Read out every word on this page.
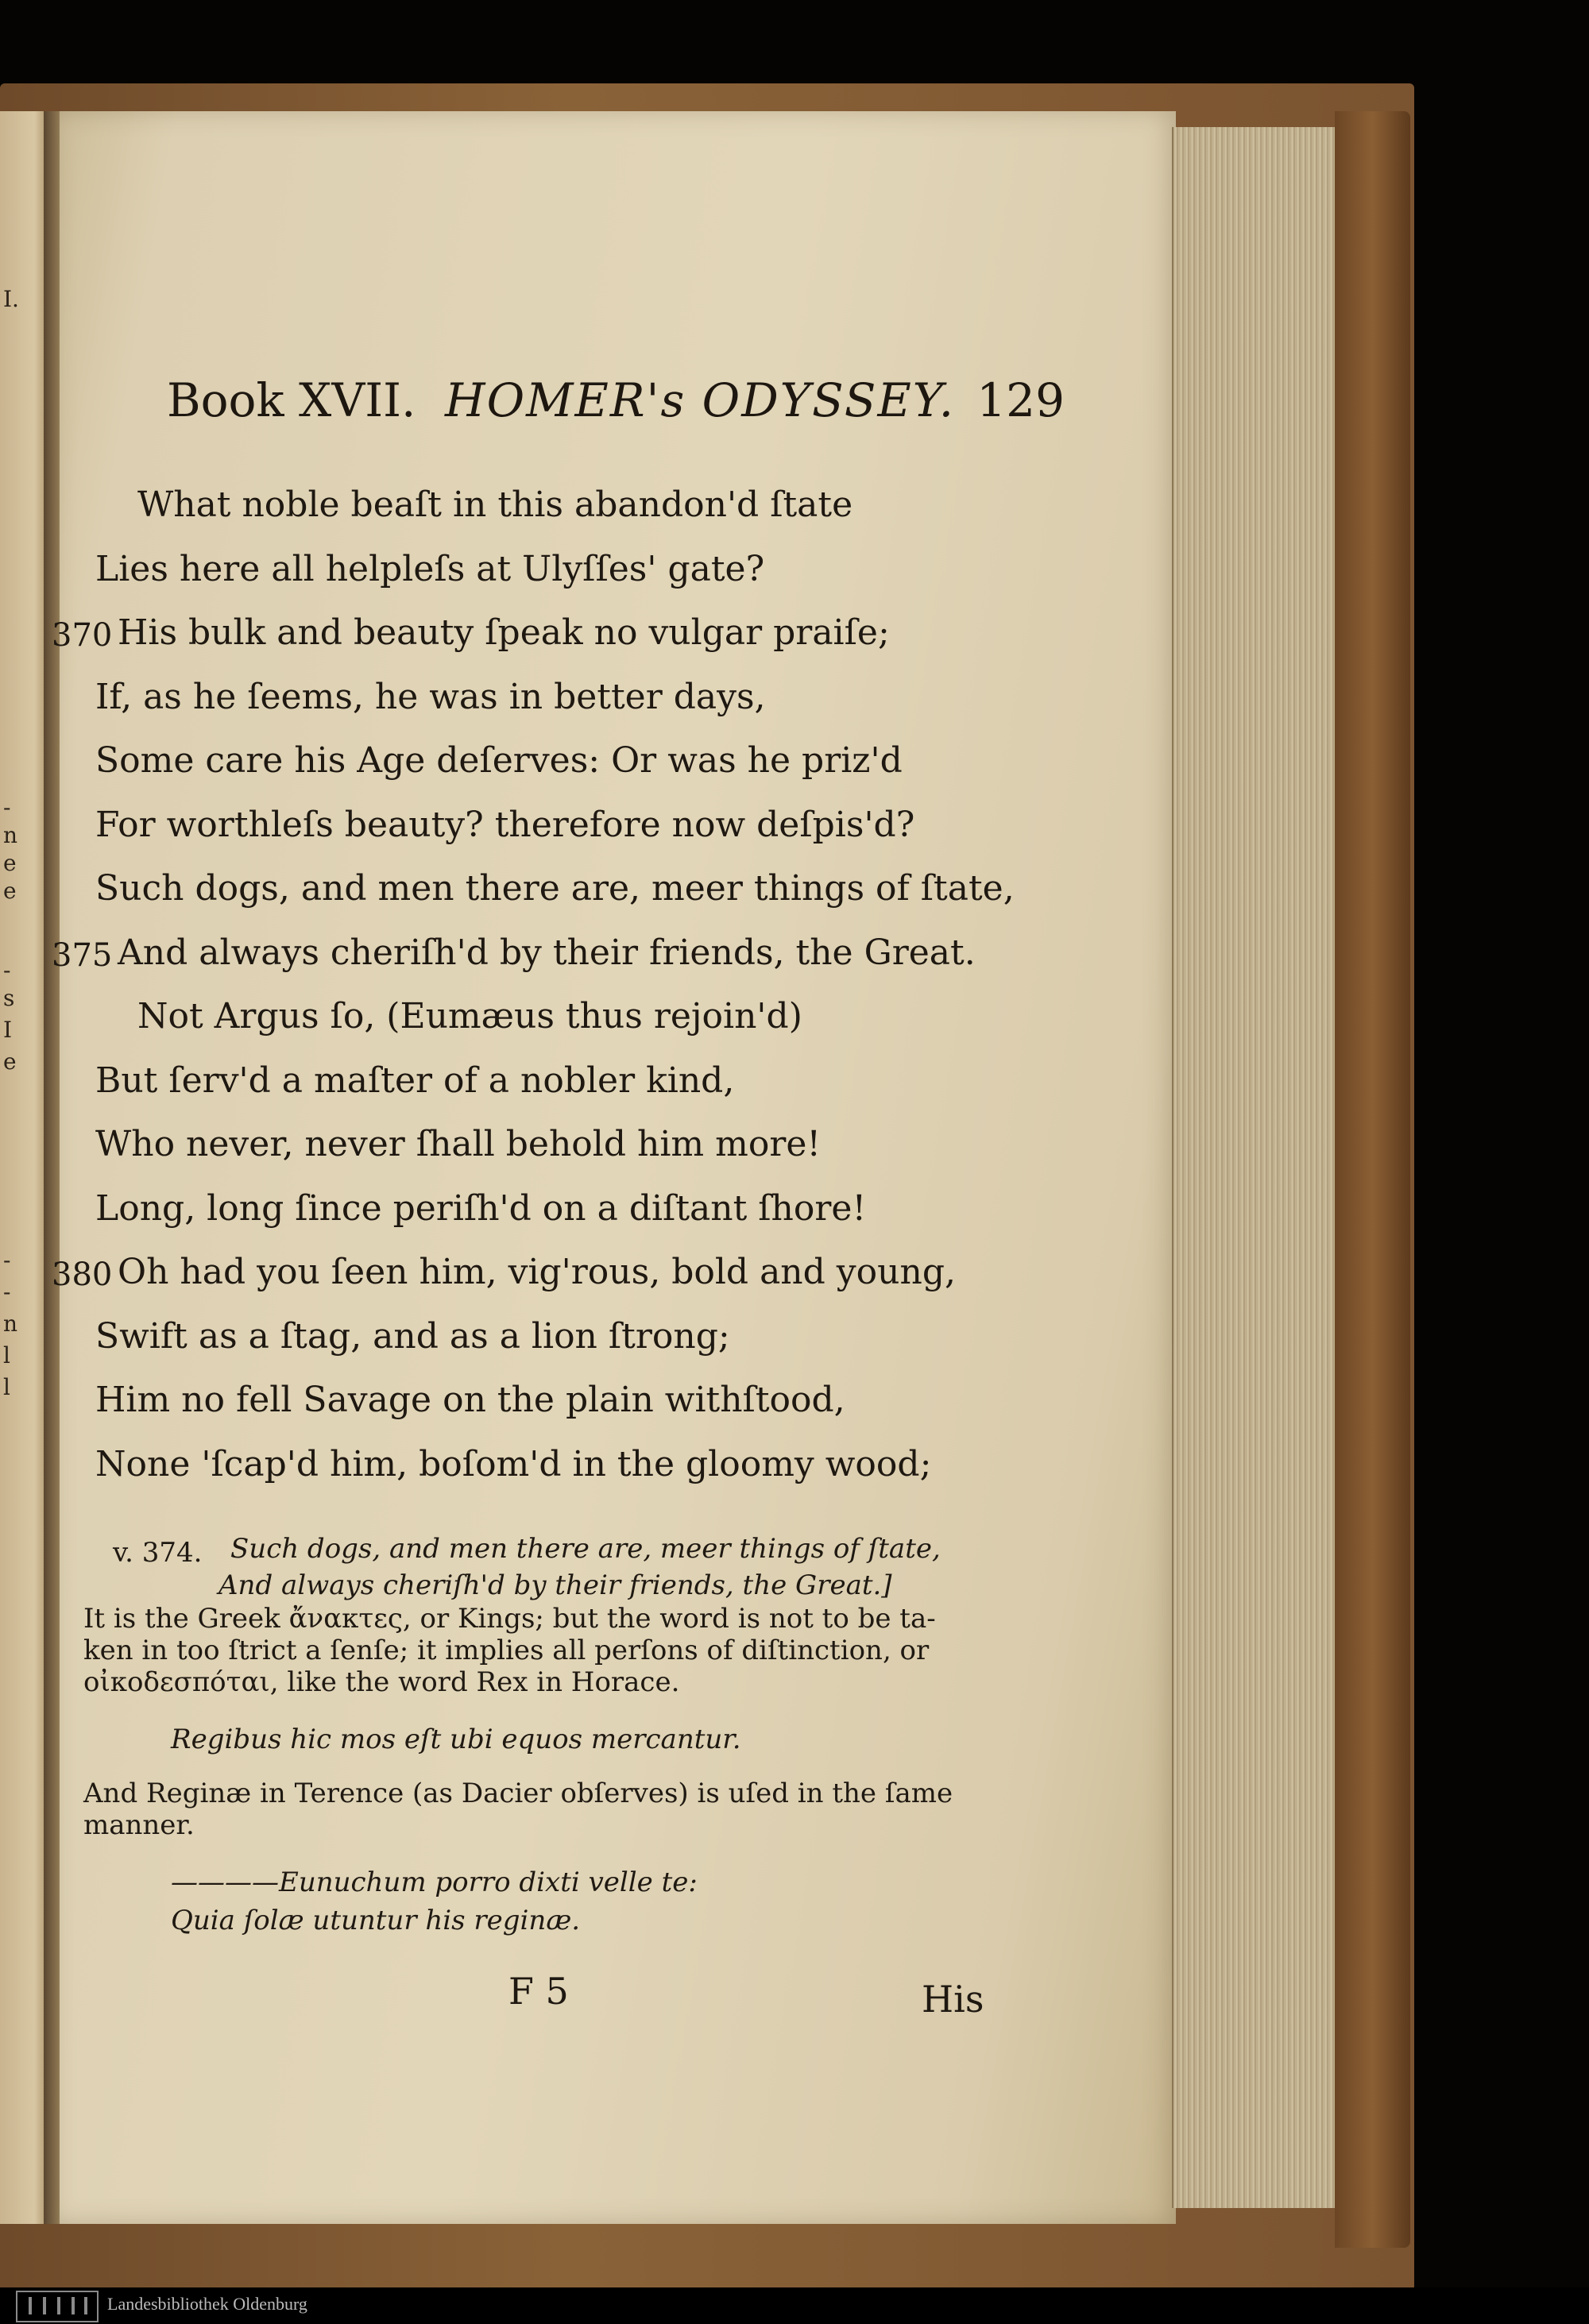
I.
-
n
e
e
-
s
I
e
-
-
n
l
l
Book XVII. HOMER's ODYSSEY. 129
What noble beaſt in this abandon'd ſtate
Lies here all helpleſs at Ulyſſes' gate?
370 His bulk and beauty ſpeak no vulgar praiſe;
If, as he ſeems, he was in better days,
Some care his Age deſerves: Or was he priz'd
For worthleſs beauty? therefore now deſpis'd?
Such dogs, and men there are, meer things of ſtate,
375 And always cheriſh'd by their friends, the Great.
Not Argus ſo, (Eumæus thus rejoin'd)
But ſerv'd a maſter of a nobler kind,
Who never, never ſhall behold him more!
Long, long ſince periſh'd on a diſtant ſhore!
380 Oh had you ſeen him, vig'rous, bold and young,
Swift as a ſtag, and as a lion ſtrong;
Him no fell Savage on the plain withſtood,
None 'ſcap'd him, boſom'd in the gloomy wood;
v. 374. Such dogs, and men there are, meer things of ſtate,
And always cheriſh'd by their friends, the Great.]
It is the Greek ἄνακτες, or Kings; but the word is not to be ta-
ken in too ſtrict a ſenſe; it implies all perſons of diſtinction, or
οἰκοδεσπόται, like the word Rex in Horace.
Regibus hic mos eſt ubi equos mercantur.
And Reginæ in Terence (as Dacier obſerves) is uſed in the ſame
manner.
————Eunuchum porro dixti velle te:
Quia ſolæ utuntur his reginæ.
F 5	His
Landesbibliothek Oldenburg
